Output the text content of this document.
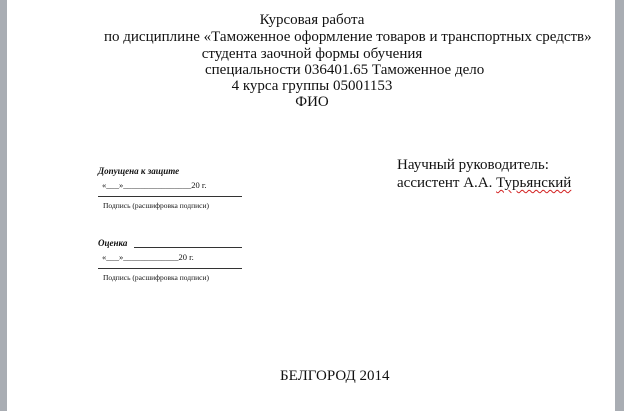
Курсовая работа
по дисциплине «Таможенное оформление товаров и транспортных средств»
студента заочной формы обучения
специальности 036401.65 Таможенное дело
4 курса группы 05001153
ФИО
Научный руководитель:
ассистент А.А. Турьянский
Допущена к защите
«___»________________20 г.
Подпись (расшифровка подписи)
Оценка
«___»_____________20 г.
Подпись (расшифровка подписи)
БЕЛГОРОД 2014
